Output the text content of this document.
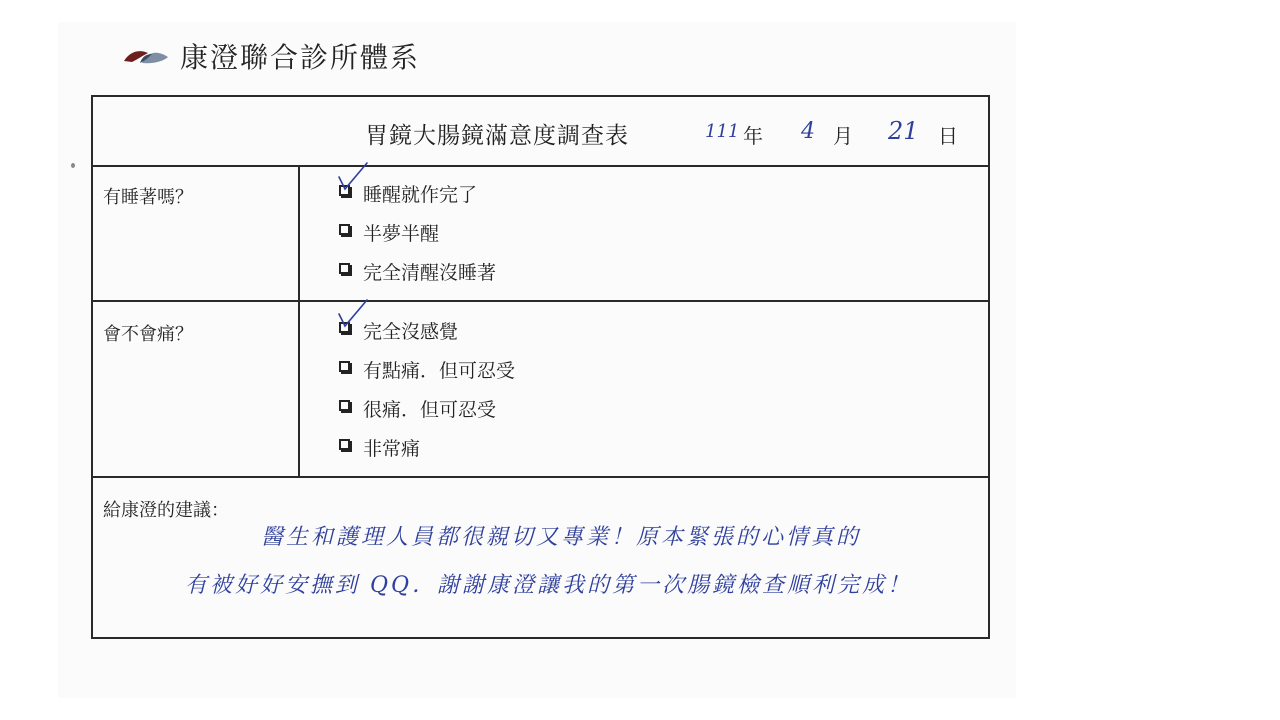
康澄聯合診所體系
胃鏡大腸鏡滿意度調查表	111 年 4 月 21 日
有睡著嗎？	睡醒就作完了
半夢半醒
完全清醒沒睡著
會不會痛？	完全沒感覺
有點痛．但可忍受
很痛．但可忍受
非常痛
給康澄的建議：
醫生和護理人員都很親切又專業！原本緊張的心情真的
有被好好安撫到 QQ．謝謝康澄讓我的第一次腸鏡檢查順利完成！
